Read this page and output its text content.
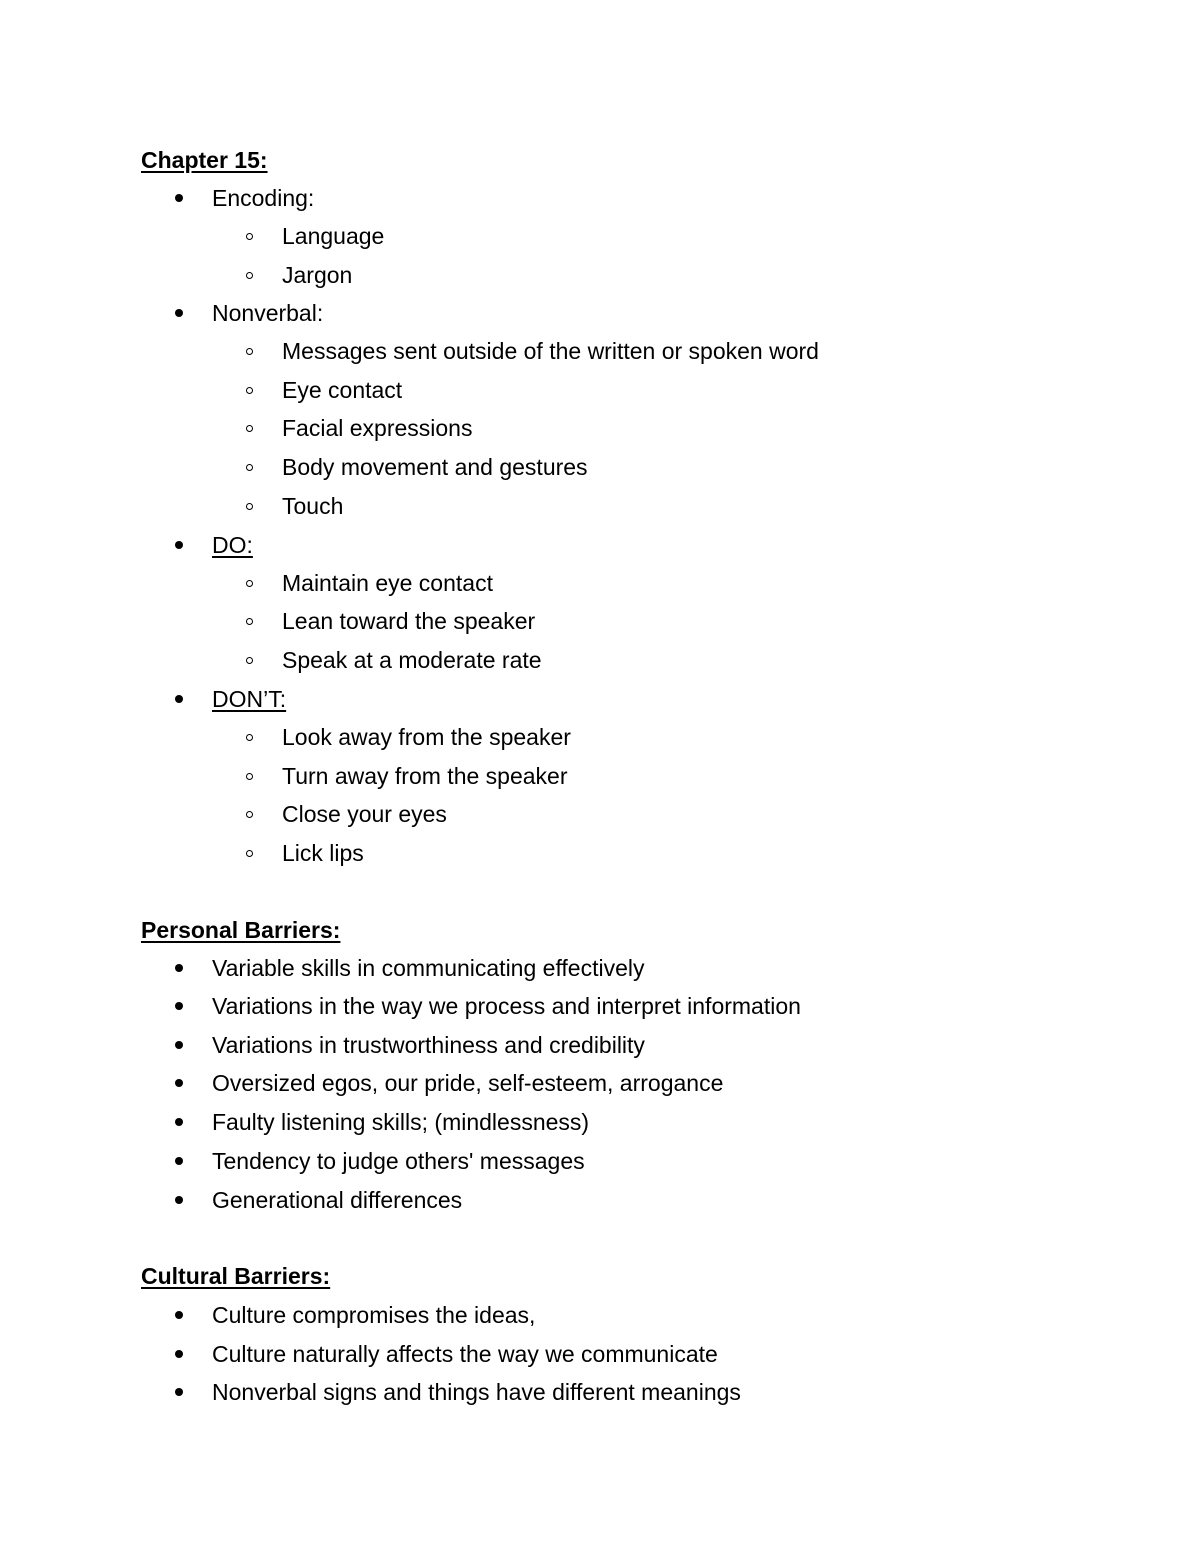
Chapter 15:
Encoding:
Language
Jargon
Nonverbal:
Messages sent outside of the written or spoken word
Eye contact
Facial expressions
Body movement and gestures
Touch
DO:
Maintain eye contact
Lean toward the speaker
Speak at a moderate rate
DON’T:
Look away from the speaker
Turn away from the speaker
Close your eyes
Lick lips
Personal Barriers:
Variable skills in communicating effectively
Variations in the way we process and interpret information
Variations in trustworthiness and credibility
Oversized egos, our pride, self-esteem, arrogance
Faulty listening skills; (mindlessness)
Tendency to judge others' messages
Generational differences
Cultural Barriers:
Culture compromises the ideas,
Culture naturally affects the way we communicate
Nonverbal signs and things have different meanings
